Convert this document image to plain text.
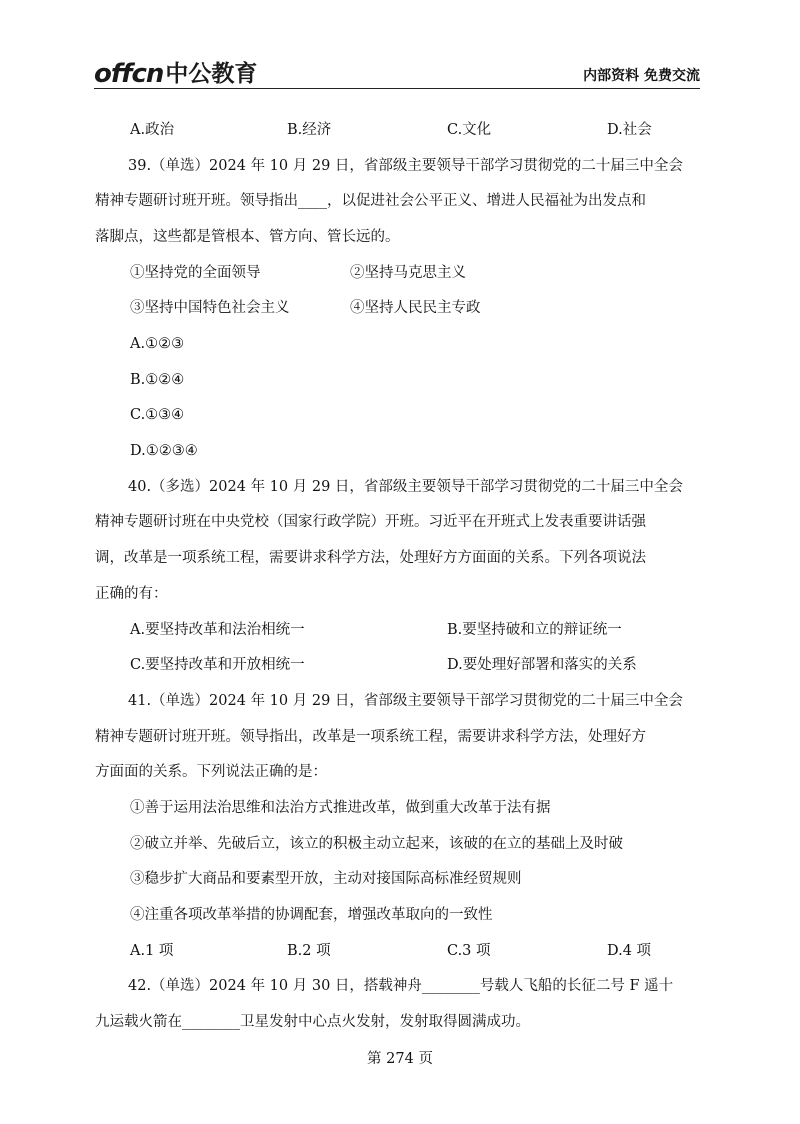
offcn 中公教育	内部资料 免费交流
A.政治	B.经济	C.文化	D.社会
39.（单选）2024 年 10 月 29 日，省部级主要领导干部学习贯彻党的二十届三中全会
精神专题研讨班开班。领导指出____，以促进社会公平正义、增进人民福祉为出发点和
落脚点，这些都是管根本、管方向、管长远的。
①坚持党的全面领导	②坚持马克思主义
③坚持中国特色社会主义	④坚持人民民主专政
A.①②③
B.①②④
C.①③④
D.①②③④
40.（多选）2024 年 10 月 29 日，省部级主要领导干部学习贯彻党的二十届三中全会
精神专题研讨班在中央党校（国家行政学院）开班。习近平在开班式上发表重要讲话强
调，改革是一项系统工程，需要讲求科学方法，处理好方方面面的关系。下列各项说法
正确的有：
A.要坚持改革和法治相统一	B.要坚持破和立的辩证统一
C.要坚持改革和开放相统一	D.要处理好部署和落实的关系
41.（单选）2024 年 10 月 29 日，省部级主要领导干部学习贯彻党的二十届三中全会
精神专题研讨班开班。领导指出，改革是一项系统工程，需要讲求科学方法，处理好方
方面面的关系。下列说法正确的是：
①善于运用法治思维和法治方式推进改革，做到重大改革于法有据
②破立并举、先破后立，该立的积极主动立起来，该破的在立的基础上及时破
③稳步扩大商品和要素型开放，主动对接国际高标准经贸规则
④注重各项改革举措的协调配套，增强改革取向的一致性
A.1 项	B.2 项	C.3 项	D.4 项
42.（单选）2024 年 10 月 30 日，搭载神舟________号载人飞船的长征二号 F 遥十
九运载火箭在________卫星发射中心点火发射，发射取得圆满成功。
第 274 页
